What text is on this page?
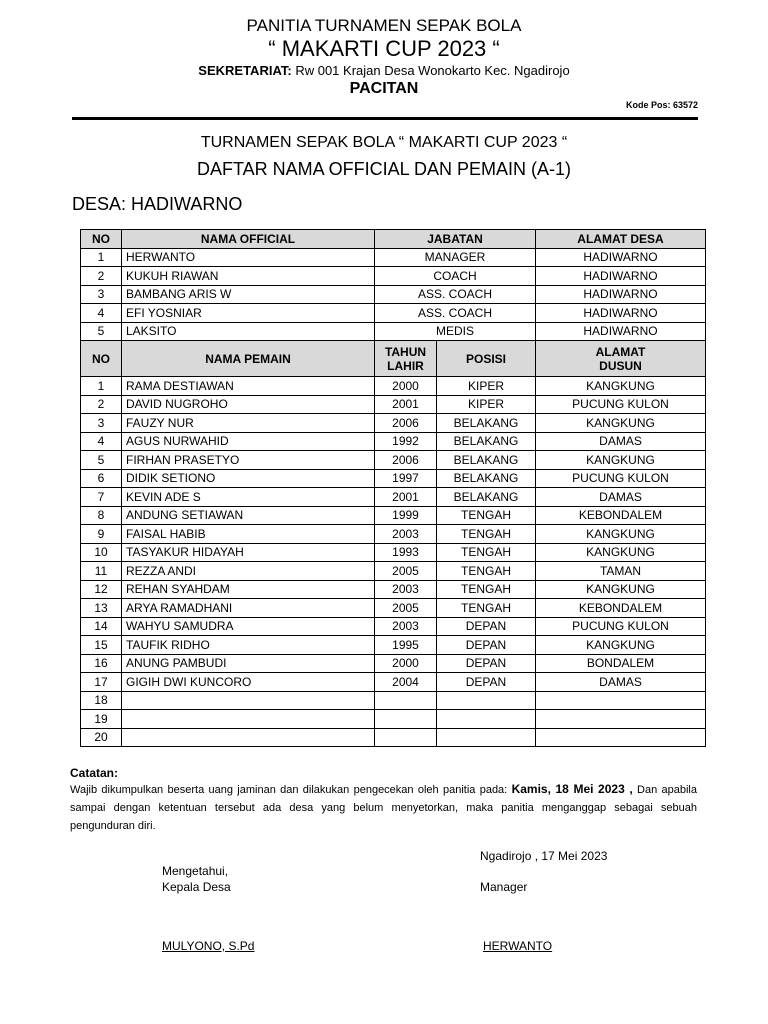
PANITIA TURNAMEN SEPAK BOLA
“ MAKARTI CUP 2023 “
SEKRETARIAT: Rw 001 Krajan Desa Wonokarto Kec. Ngadirojo
PACITAN
Kode Pos: 63572
TURNAMEN SEPAK BOLA “ MAKARTI CUP 2023 “
DAFTAR NAMA OFFICIAL DAN PEMAIN (A-1)
DESA: HADIWARNO
NO	NAMA OFFICIAL	JABATAN		ALAMAT DESA
1	HERWANTO	MANAGER		HADIWARNO
2	KUKUH RIAWAN	COACH		HADIWARNO
3	BAMBANG ARIS W	ASS. COACH		HADIWARNO
4	EFI YOSNIAR	ASS. COACH		HADIWARNO
5	LAKSITO	MEDIS		HADIWARNO
NO	NAMA PEMAIN	TAHUN LAHIR	POSISI	ALAMAT DUSUN
1	RAMA DESTIAWAN	2000	KIPER	KANGKUNG
2	DAVID NUGROHO	2001	KIPER	PUCUNG KULON
3	FAUZY NUR	2006	BELAKANG	KANGKUNG
4	AGUS NURWAHID	1992	BELAKANG	DAMAS
5	FIRHAN PRASETYO	2006	BELAKANG	KANGKUNG
6	DIDIK SETIONO	1997	BELAKANG	PUCUNG KULON
7	KEVIN ADE S	2001	BELAKANG	DAMAS
8	ANDUNG SETIAWAN	1999	TENGAH	KEBONDALEM
9	FAISAL HABIB	2003	TENGAH	KANGKUNG
10	TASYAKUR HIDAYAH	1993	TENGAH	KANGKUNG
11	REZZA ANDI	2005	TENGAH	TAMAN
12	REHAN SYAHDAM	2003	TENGAH	KANGKUNG
13	ARYA RAMADHANI	2005	TENGAH	KEBONDALEM
14	WAHYU SAMUDRA	2003	DEPAN	PUCUNG KULON
15	TAUFIK RIDHO	1995	DEPAN	KANGKUNG
16	ANUNG PAMBUDI	2000	DEPAN	BONDALEM
17	GIGIH DWI KUNCORO	2004	DEPAN	DAMAS
18				
19				
20				
Catatan:
Wajib dikumpulkan beserta uang jaminan dan dilakukan pengecekan oleh panitia pada: Kamis, 18 Mei 2023 , Dan apabila sampai dengan ketentuan tersebut ada desa yang belum menyetorkan, maka panitia menganggap sebagai sebuah pengunduran diri.
Ngadirojo , 17 Mei 2023
Mengetahui,
Kepala Desa	Manager
MULYONO, S.Pd	HERWANTO
